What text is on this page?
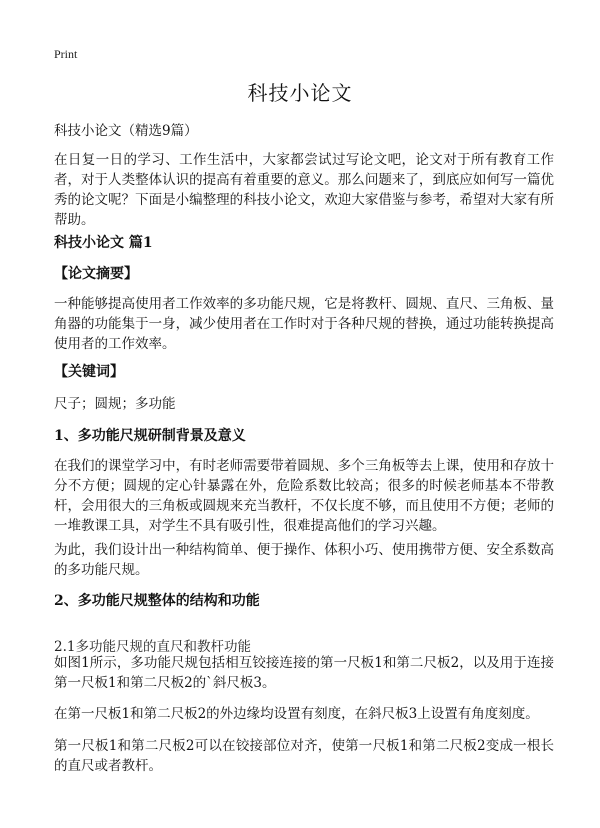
Print
科技小论文

科技小论文（精选9篇）

在日复一日的学习、工作生活中，大家都尝试过写论文吧，论文对于所有教育工作者，对于人类整体认识的提高有着重要的意义。那么问题来了，到底应如何写一篇优秀的论文呢？下面是小编整理的科技小论文，欢迎大家借鉴与参考，希望对大家有所帮助。

科技小论文 篇1
【论文摘要】

一种能够提高使用者工作效率的多功能尺规，它是将教杆、圆规、直尺、三角板、量角器的功能集于一身，减少使用者在工作时对于各种尺规的替换，通过功能转换提高使用者的工作效率。

【关键词】

尺子；圆规；多功能

1、多功能尺规研制背景及意义

在我们的课堂学习中，有时老师需要带着圆规、多个三角板等去上课，使用和存放十分不方便；圆规的定心针暴露在外，危险系数比较高；很多的时候老师基本不带教杆，会用很大的三角板或圆规来充当教杆，不仅长度不够，而且使用不方便；老师的一堆教课工具，对学生不具有吸引性，很难提高他们的学习兴趣。

为此，我们设计出一种结构简单、便于操作、体积小巧、使用携带方便、安全系数高的多功能尺规。

2、多功能尺规整体的结构和功能

2.1多功能尺规的直尺和教杆功能

如图1所示，多功能尺规包括相互铰接连接的第一尺板1和第二尺板2，以及用于连接第一尺板1和第二尺板2的`斜尺板3。

在第一尺板1和第二尺板2的外边缘均设置有刻度，在斜尺板3上设置有角度刻度。

第一尺板1和第二尺板2可以在铰接部位对齐，使第一尺板1和第二尺板2变成一根长的直尺或者教杆。
